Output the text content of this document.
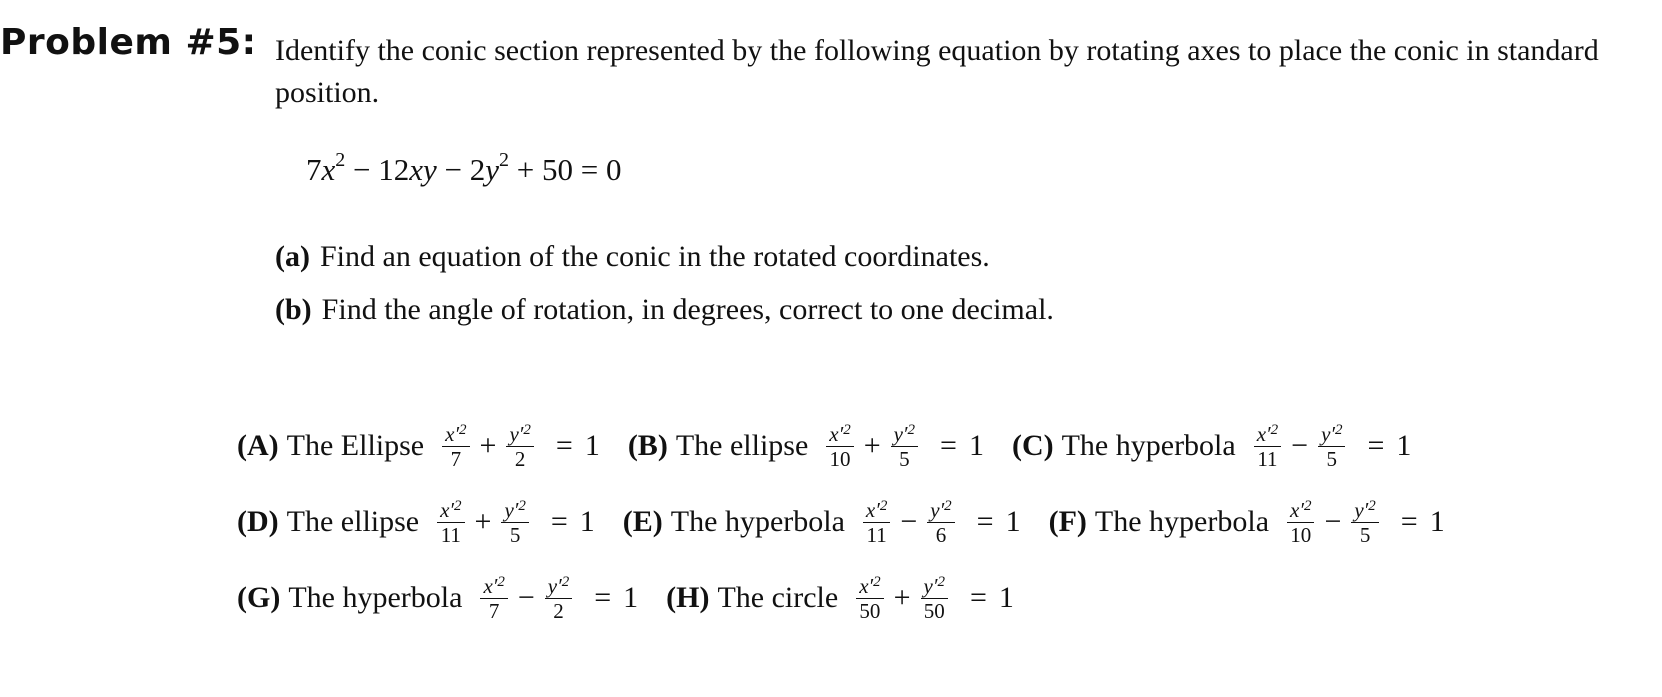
Problem #5: Identify the conic section represented by the following equation by rotating axes to place the conic in standard position.
$7x^2 - 12xy - 2y^2 + 50 = 0$
(a) Find an equation of the conic in the rotated coordinates.
(b) Find the angle of rotation, in degrees, correct to one decimal.
(A) The Ellipse $\frac{x'^2}{7} + \frac{y'^2}{2} = 1$ (B) The ellipse $\frac{x'^2}{10} + \frac{y'^2}{5} = 1$ (C) The hyperbola $\frac{x'^2}{11} - \frac{y'^2}{5} = 1$
(D) The ellipse $\frac{x'^2}{11} + \frac{y'^2}{5} = 1$ (E) The hyperbola $\frac{x'^2}{11} - \frac{y'^2}{6} = 1$ (F) The hyperbola $\frac{x'^2}{10} - \frac{y'^2}{5} = 1$
(G) The hyperbola $\frac{x'^2}{7} - \frac{y'^2}{2} = 1$ (H) The circle $\frac{x'^2}{50} + \frac{y'^2}{50} = 1$
